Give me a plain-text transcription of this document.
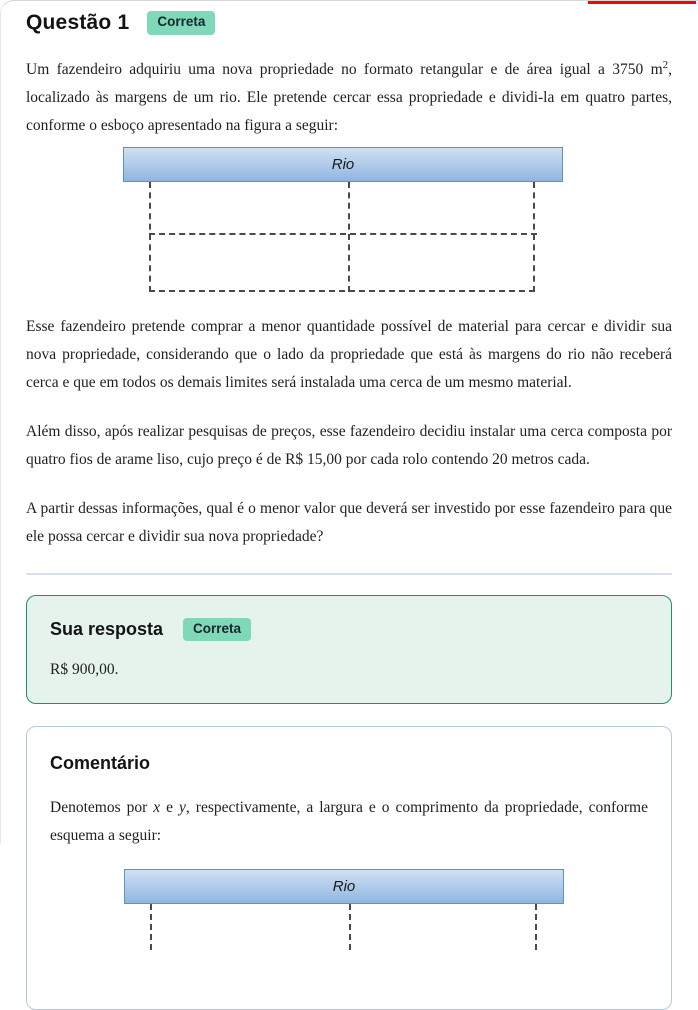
Questão 1	Correta

Um fazendeiro adquiriu uma nova propriedade no formato retangular e de área igual a 3750 $m^2$, localizado às margens de um rio. Ele pretende cercar essa propriedade e dividi-la em quatro partes, conforme o esboço apresentado na figura a seguir:

Rio

Esse fazendeiro pretende comprar a menor quantidade possível de material para cercar e dividir sua nova propriedade, considerando que o lado da propriedade que está às margens do rio não receberá cerca e que em todos os demais limites será instalada uma cerca de um mesmo material.

Além disso, após realizar pesquisas de preços, esse fazendeiro decidiu instalar uma cerca composta por quatro fios de arame liso, cujo preço é de R$ 15,00 por cada rolo contendo 20 metros cada.

A partir dessas informações, qual é o menor valor que deverá ser investido por esse fazendeiro para que ele possa cercar e dividir sua nova propriedade?

Sua resposta	Correta
R$ 900,00.
Comentário

Denotemos por x e y, respectivamente, a largura e o comprimento da propriedade, conforme esquema a seguir:

Rio
